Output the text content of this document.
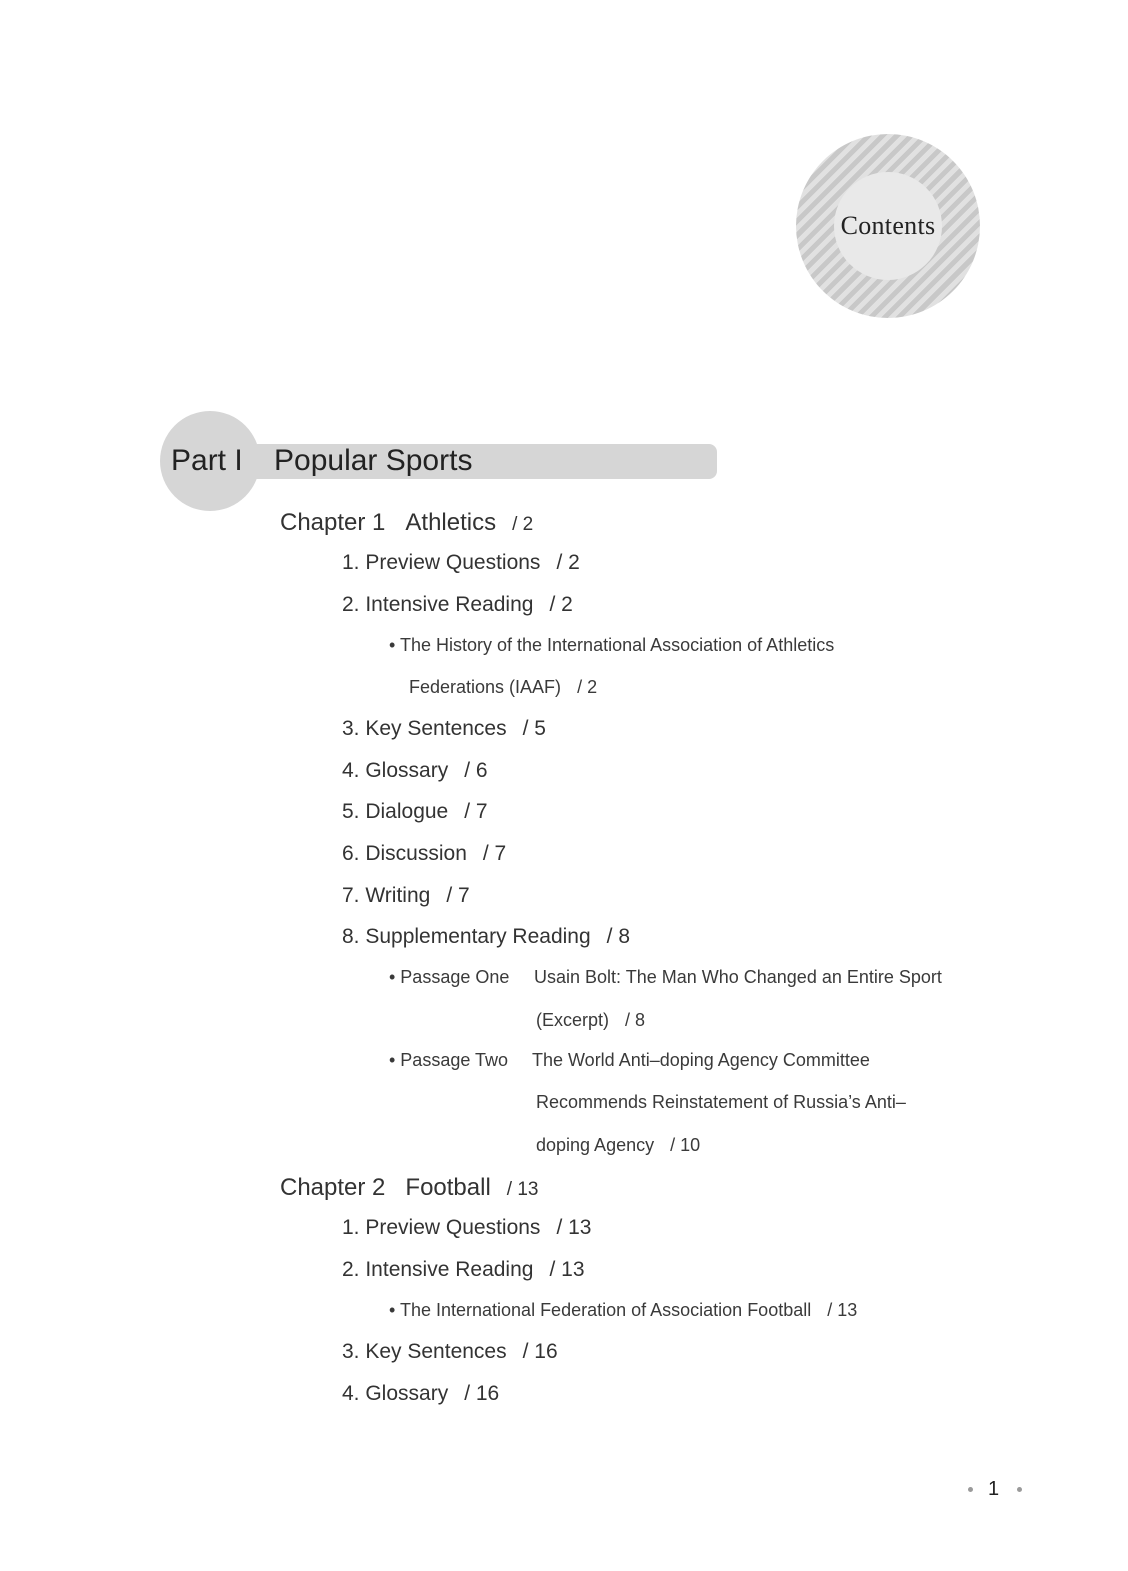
Contents
Part I Popular Sports
Chapter 1 Athletics / 2
1. Preview Questions / 2
2. Intensive Reading / 2
• The History of the International Association of Athletics
Federations (IAAF) / 2
3. Key Sentences / 5
4. Glossary / 6
5. Dialogue / 7
6. Discussion / 7
7. Writing / 7
8. Supplementary Reading / 8
• Passage One Usain Bolt: The Man Who Changed an Entire Sport
(Excerpt) / 8
• Passage Two The World Anti–doping Agency Committee
Recommends Reinstatement of Russia’s Anti–
doping Agency / 10
Chapter 2 Football / 13
1. Preview Questions / 13
2. Intensive Reading / 13
• The International Federation of Association Football / 13
3. Key Sentences / 16
4. Glossary / 16
1
